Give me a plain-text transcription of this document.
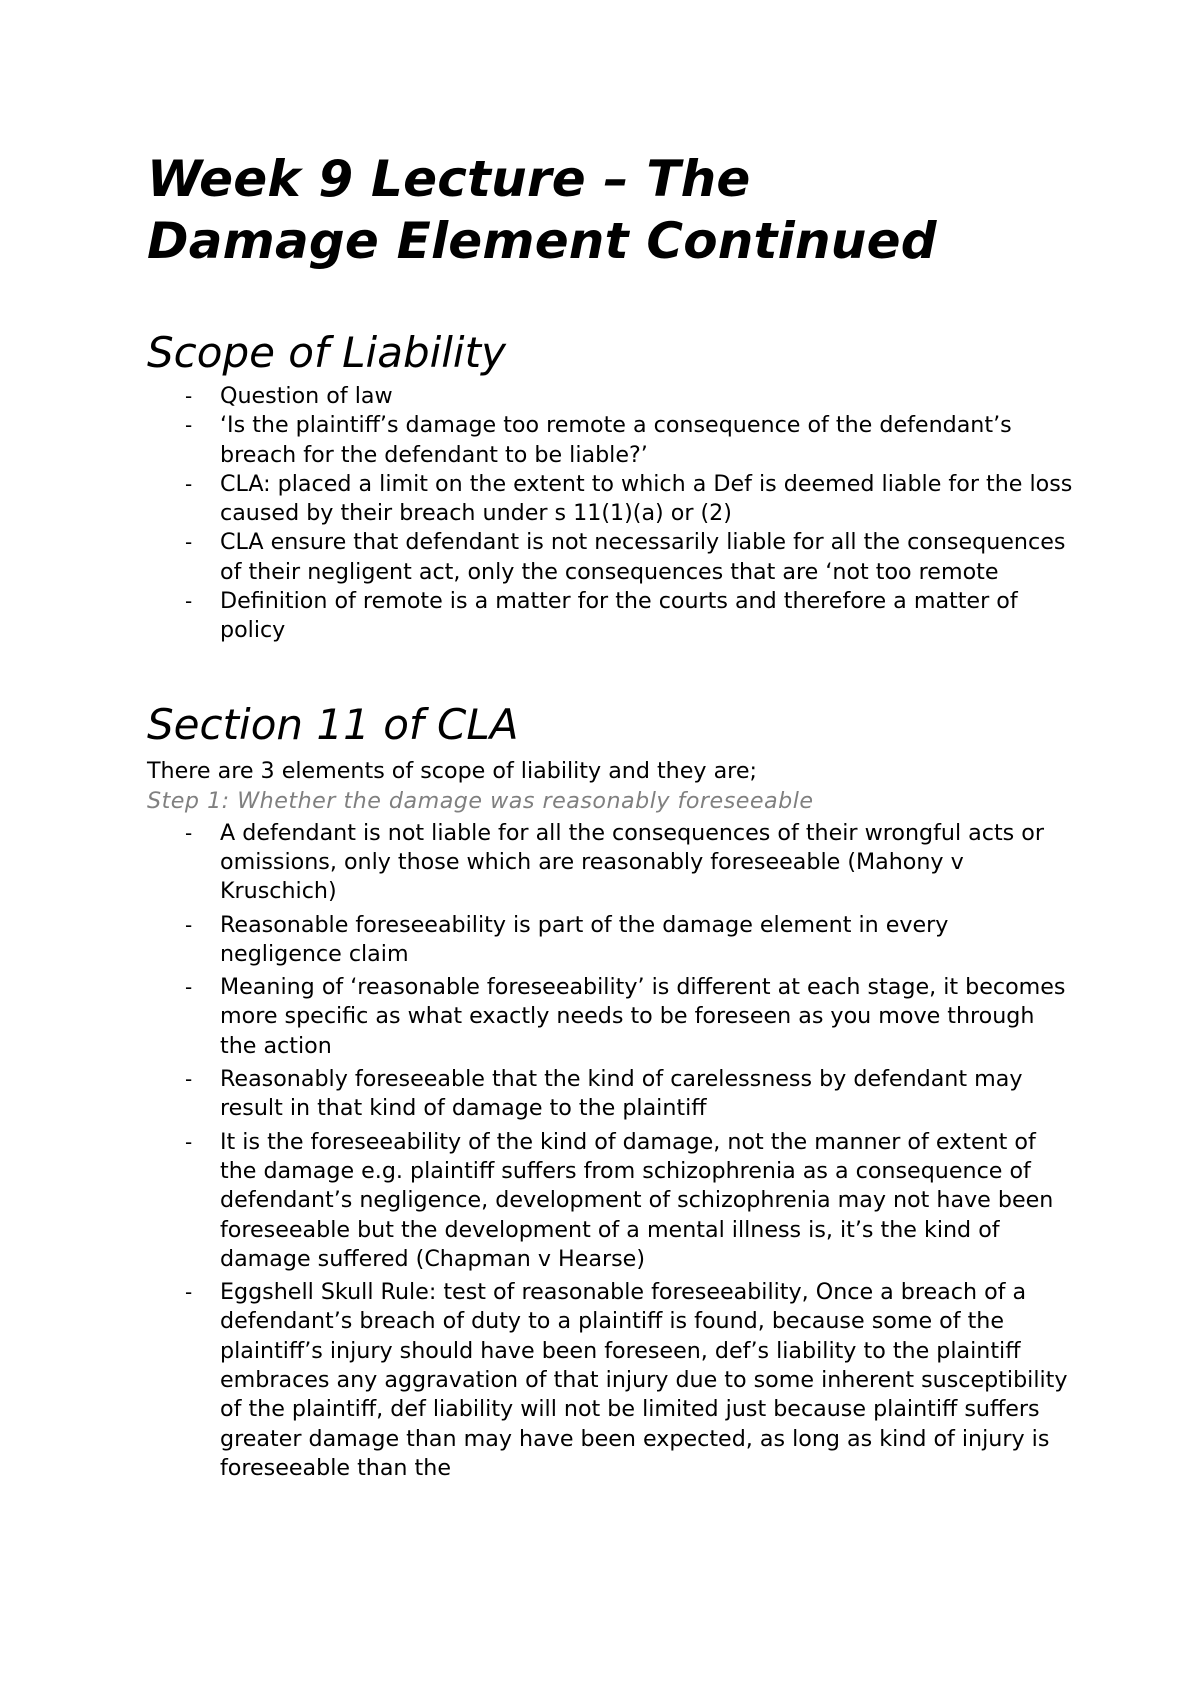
Week 9 Lecture – The
Damage Element Continued
Scope of Liability
- Question of law
- ‘Is the plaintiff’s damage too remote a consequence of the defendant’s breach for the defendant to be liable?’
- CLA: placed a limit on the extent to which a Def is deemed liable for the loss caused by their breach under s 11(1)(a) or (2)
- CLA ensure that defendant is not necessarily liable for all the consequences of their negligent act, only the consequences that are ‘not too remote
- Definition of remote is a matter for the courts and therefore a matter of policy
Section 11 of CLA

There are 3 elements of scope of liability and they are;

Step 1: Whether the damage was reasonably foreseeable

- A defendant is not liable for all the consequences of their wrongful acts or omissions, only those which are reasonably foreseeable (Mahony v Kruschich)
- Reasonable foreseeability is part of the damage element in every negligence claim
- Meaning of ‘reasonable foreseeability’ is different at each stage, it becomes more specific as what exactly needs to be foreseen as you move through the action
- Reasonably foreseeable that the kind of carelessness by defendant may result in that kind of damage to the plaintiff
- It is the foreseeability of the kind of damage, not the manner of extent of the damage e.g. plaintiff suffers from schizophrenia as a consequence of defendant’s negligence, development of schizophrenia may not have been foreseeable but the development of a mental illness is, it’s the kind of damage suffered (Chapman v Hearse)
- Eggshell Skull Rule: test of reasonable foreseeability, Once a breach of a defendant’s breach of duty to a plaintiff is found, because some of the plaintiff’s injury should have been foreseen, def’s liability to the plaintiff embraces any aggravation of that injury due to some inherent susceptibility of the plaintiff, def liability will not be limited just because plaintiff suffers greater damage than may have been expected, as long as kind of injury is foreseeable than the
